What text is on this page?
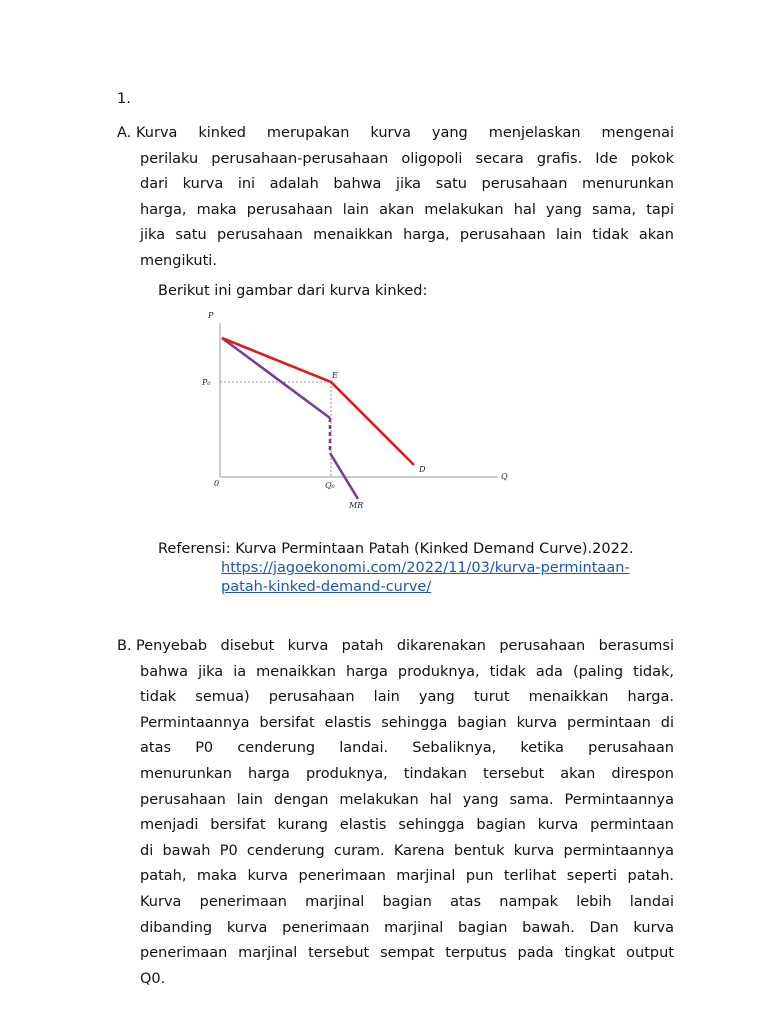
1.
A. Kurva kinked merupakan kurva yang menjelaskan mengenai
perilaku perusahaan-perusahaan oligopoli secara grafis. Ide pokok
dari kurva ini adalah bahwa jika satu perusahaan menurunkan
harga, maka perusahaan lain akan melakukan hal yang sama, tapi
jika satu perusahaan menaikkan harga, perusahaan lain tidak akan
mengikuti.
Berikut ini gambar dari kurva kinked:
P
P₀
E
D
Q
0	Q₀
MR
Referensi: Kurva Permintaan Patah (Kinked Demand Curve).2022.
https://jagoekonomi.com/2022/11/03/kurva-permintaan-
patah-kinked-demand-curve/
B. Penyebab disebut kurva patah dikarenakan perusahaan berasumsi
bahwa jika ia menaikkan harga produknya, tidak ada (paling tidak,
tidak semua) perusahaan lain yang turut menaikkan harga.
Permintaannya bersifat elastis sehingga bagian kurva permintaan di
atas P0 cenderung landai. Sebaliknya, ketika perusahaan
menurunkan harga produknya, tindakan tersebut akan direspon
perusahaan lain dengan melakukan hal yang sama. Permintaannya
menjadi bersifat kurang elastis sehingga bagian kurva permintaan
di bawah P0 cenderung curam. Karena bentuk kurva permintaannya
patah, maka kurva penerimaan marjinal pun terlihat seperti patah.
Kurva penerimaan marjinal bagian atas nampak lebih landai
dibanding kurva penerimaan marjinal bagian bawah. Dan kurva
penerimaan marjinal tersebut sempat terputus pada tingkat output
Q0.
